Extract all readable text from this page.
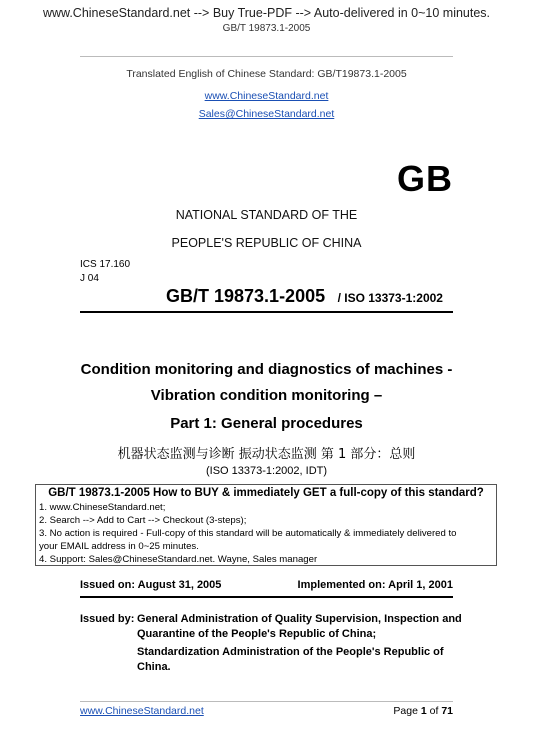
www.ChineseStandard.net --> Buy True-PDF --> Auto-delivered in 0~10 minutes.
GB/T 19873.1-2005
Translated English of Chinese Standard: GB/T19873.1-2005
www.ChineseStandard.net
Sales@ChineseStandard.net
GB
NATIONAL STANDARD OF THE
PEOPLE'S REPUBLIC OF CHINA
ICS 17.160
J 04
GB/T 19873.1-2005 / ISO 13373-1:2002
Condition monitoring and diagnostics of machines -
Vibration condition monitoring –
Part 1: General procedures
机器状态监测与诊断 振动状态监测 第 1 部分：总则
(ISO 13373-1:2002, IDT)
GB/T 19873.1-2005 How to BUY & immediately GET a full-copy of this standard?
1. www.ChineseStandard.net;
2. Search --> Add to Cart --> Checkout (3-steps);
3. No action is required - Full-copy of this standard will be automatically & immediately delivered to
your EMAIL address in 0~25 minutes.
4. Support: Sales@ChineseStandard.net. Wayne, Sales manager
Issued on: August 31, 2005	Implemented on: April 1, 2001
Issued by: General Administration of Quality Supervision, Inspection and
Quarantine of the People's Republic of China;
Standardization Administration of the People's Republic of
China.
www.ChineseStandard.net	Page 1 of 71
